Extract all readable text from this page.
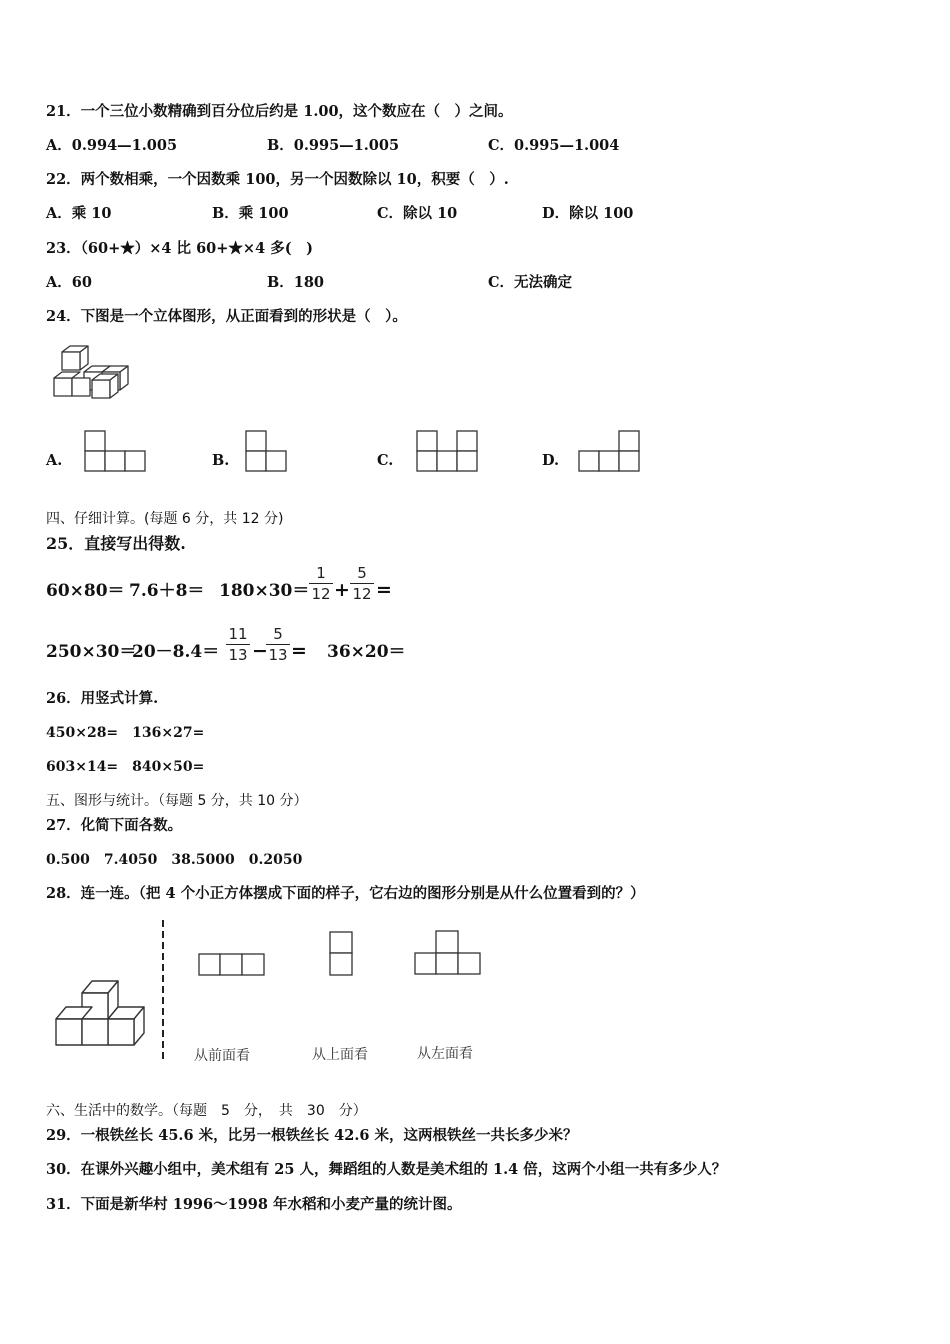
21．一个三位小数精确到百分位后约是 1.00，这个数应在（　）之间。
A．0.994—1.005	B．0.995—1.005	C．0.995—1.004
22．两个数相乘，一个因数乘 100，另一个因数除以 10，积要（　）.
A．乘 10	B．乘 100	C．除以 10	D．除以 100
23．（60+★）×4 比 60+★×4 多(　)
A．60	B．180	C．无法确定
24．下图是一个立体图形，从正面看到的形状是（　）。
A.	B.	C.	D.
四、仔细计算。(每题 6 分，共 12 分)
25．直接写出得数.
60×80＝ 7.6＋8＝ 180×30＝
1
12 +
5
12 =
250×30＝
20－8.4＝
11
13 −
5
13 = 36×20＝
26．用竖式计算.
450×28=　136×27=
603×14=　840×50=
五、图形与统计。（每题 5 分，共 10 分）
27．化简下面各数。
0.500　7.4050　38.5000　0.2050
28．连一连。（把 4 个小正方体摆成下面的样子，它右边的图形分别是从什么位置看到的？）
从前面看	从上面看	从左面看
六、生活中的数学。（每题　5　分，　共　30　分）
29．一根铁丝长 45.6 米，比另一根铁丝长 42.6 米，这两根铁丝一共长多少米？
30．在课外兴趣小组中，美术组有 25 人，舞蹈组的人数是美术组的 1.4 倍，这两个小组一共有多少人？
31．下面是新华村 1996～1998 年水稻和小麦产量的统计图。
